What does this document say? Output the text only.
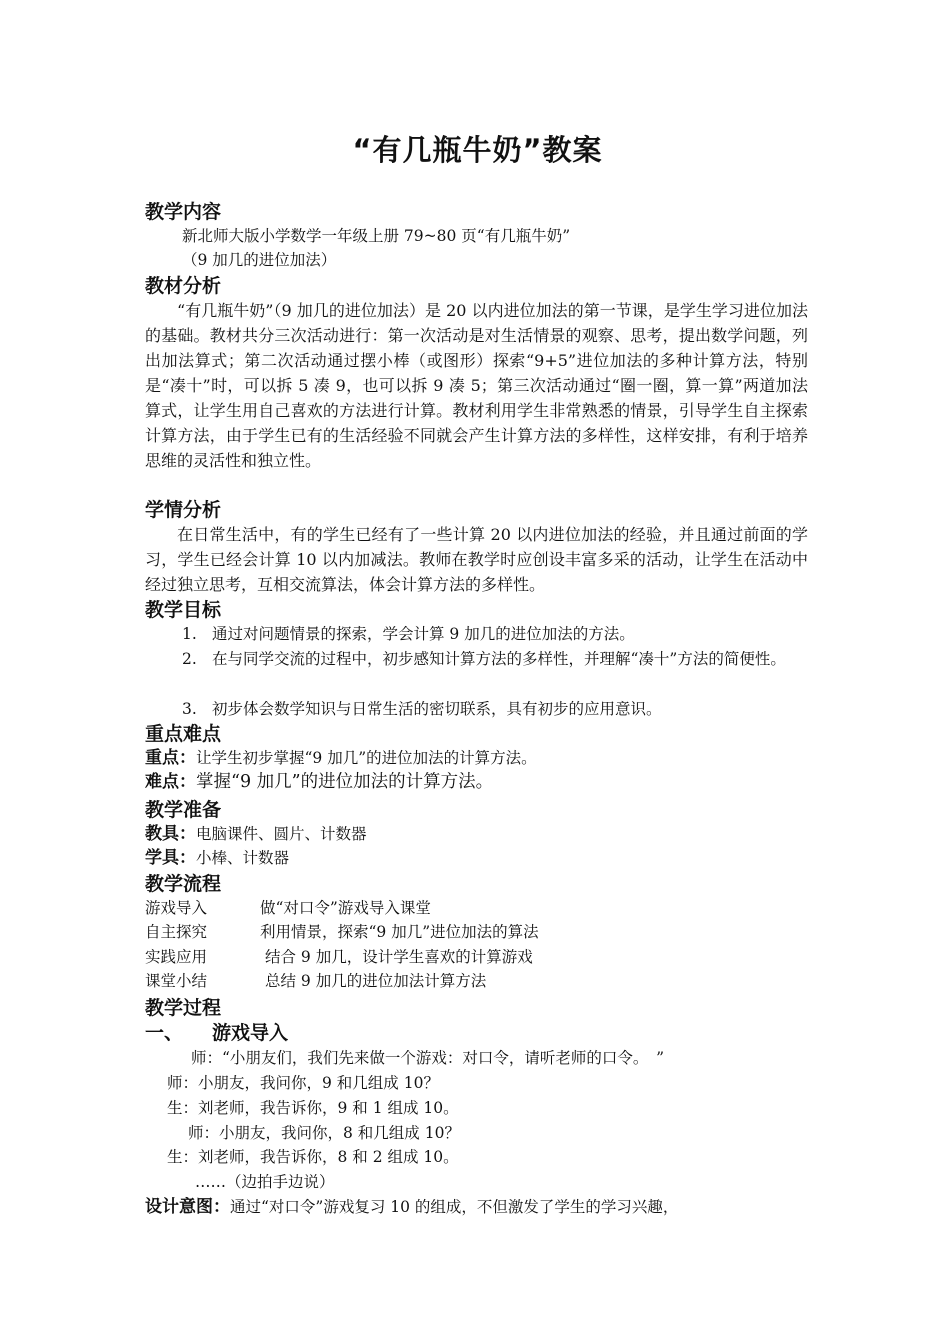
“有几瓶牛奶”教案
教学内容
新北师大版小学数学一年级上册 79~80 页“有几瓶牛奶”
（9 加几的进位加法）
教材分析
“有几瓶牛奶”（9 加几的进位加法）是 20 以内进位加法的第一节课，是学生学习进位加法的基础。教材共分三次活动进行：第一次活动是对生活情景的观察、思考，提出数学问题，列出加法算式；第二次活动通过摆小棒（或图形）探索“9+5”进位加法的多种计算方法，特别是“凑十”时，可以拆 5 凑 9，也可以拆 9 凑 5；第三次活动通过“圈一圈，算一算”两道加法算式，让学生用自己喜欢的方法进行计算。教材利用学生非常熟悉的情景，引导学生自主探索计算方法，由于学生已有的生活经验不同就会产生计算方法的多样性，这样安排，有利于培养思维的灵活性和独立性。
学情分析
在日常生活中，有的学生已经有了一些计算 20 以内进位加法的经验，并且通过前面的学习，学生已经会计算 10 以内加减法。教师在教学时应创设丰富多采的活动，让学生在活动中经过独立思考，互相交流算法，体会计算方法的多样性。
教学目标
1. 通过对问题情景的探索，学会计算 9 加几的进位加法的方法。
2. 在与同学交流的过程中，初步感知计算方法的多样性，并理解“凑十”方法的简便性。
3. 初步体会数学知识与日常生活的密切联系，具有初步的应用意识。
重点难点
重点：让学生初步掌握“9 加几”的进位加法的计算方法。
难点：掌握“9 加几”的进位加法的计算方法。
教学准备
教具：电脑课件、圆片、计数器
学具：小棒、计数器
教学流程
游戏导入	做“对口令”游戏导入课堂
自主探究	利用情景，探索“9 加几”进位加法的算法
实践应用	结合 9 加几，设计学生喜欢的计算游戏
课堂小结	总结 9 加几的进位加法计算方法
教学过程
一、 游戏导入
师：“小朋友们，我们先来做一个游戏：对口令，请听老师的口令。　”
师：小朋友，我问你，9 和几组成 10？
生：刘老师，我告诉你，9 和 1 组成 10。
师：小朋友，我问你，8 和几组成 10？
生：刘老师，我告诉你，8 和 2 组成 10。
……（边拍手边说）
设计意图：通过“对口令”游戏复习 10 的组成，不但激发了学生的学习兴趣，
